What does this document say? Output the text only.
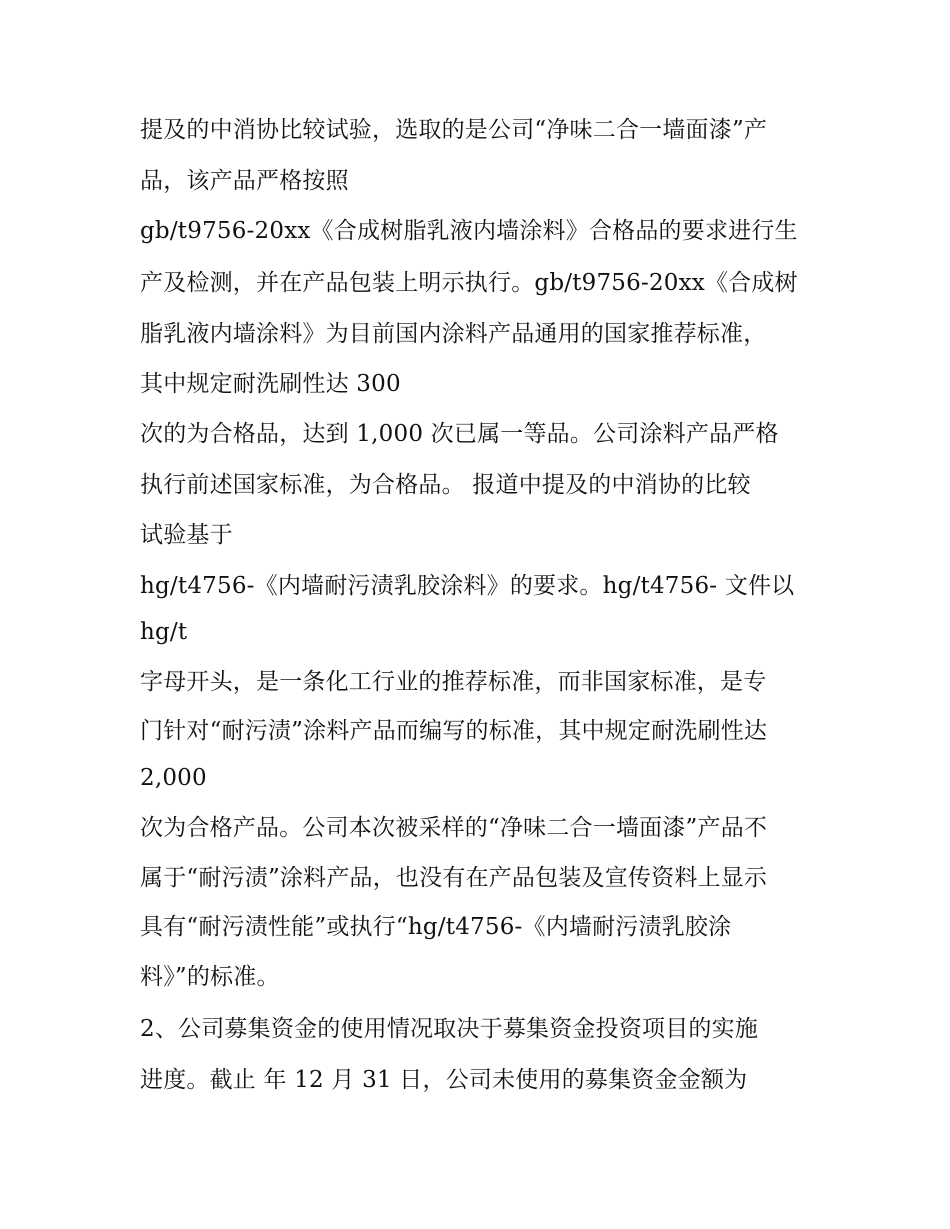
提及的中消协比较试验，选取的是公司“净味二合一墙面漆”产
品，该产品严格按照
gb/t9756-20xx《合成树脂乳液内墙涂料》合格品的要求进行生
产及检测，并在产品包装上明示执行。gb/t9756-20xx《合成树
脂乳液内墙涂料》为目前国内涂料产品通用的国家推荐标准，
其中规定耐洗刷性达 300
次的为合格品，达到 1,000 次已属一等品。公司涂料产品严格
执行前述国家标准，为合格品。 报道中提及的中消协的比较
试验基于
hg/t4756-《内墙耐污渍乳胶涂料》的要求。hg/t4756- 文件以
hg/t
字母开头，是一条化工行业的推荐标准，而非国家标准，是专
门针对“耐污渍”涂料产品而编写的标准，其中规定耐洗刷性达
2,000
次为合格产品。公司本次被采样的“净味二合一墙面漆”产品不
属于“耐污渍”涂料产品，也没有在产品包装及宣传资料上显示
具有“耐污渍性能”或执行“hg/t4756-《内墙耐污渍乳胶涂
料》”的标准。
2、公司募集资金的使用情况取决于募集资金投资项目的实施
进度。截止 年 12 月 31 日，公司未使用的募集资金金额为
